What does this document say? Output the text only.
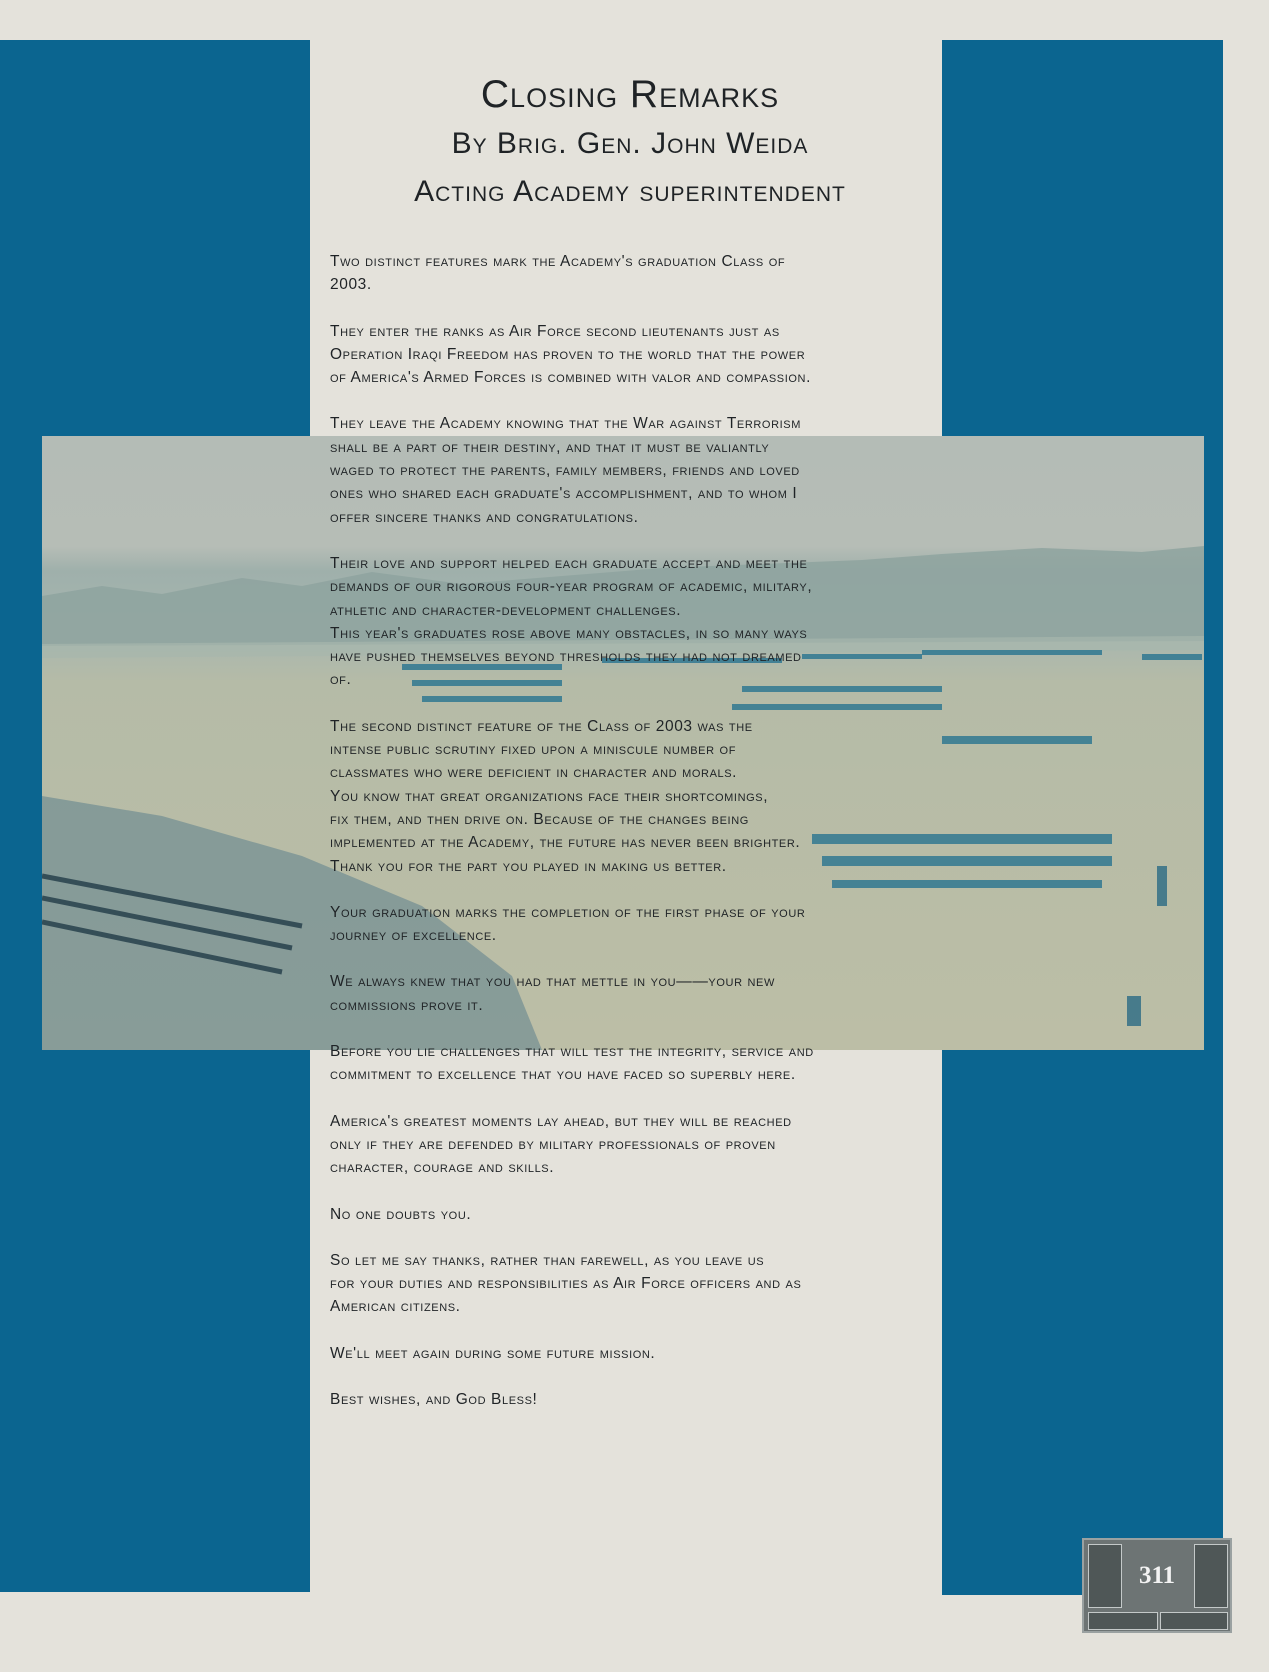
Closing Remarks
By Brig. Gen. John Weida
Acting Academy superintendent

Two distinct features mark the Academy's graduation Class of
2003.

They enter the ranks as Air Force second lieutenants just as
Operation Iraqi Freedom has proven to the world that the power
of America's Armed Forces is combined with valor and compassion.

They leave the Academy knowing that the War against Terrorism
shall be a part of their destiny, and that it must be valiantly
waged to protect the parents, family members, friends and loved
ones who shared each graduate's accomplishment, and to whom I
offer sincere thanks and congratulations.

Their love and support helped each graduate accept and meet the
demands of our rigorous four-year program of academic, military,
athletic and character-development challenges.
This year's graduates rose above many obstacles, in so many ways
have pushed themselves beyond thresholds they had not dreamed
of.

The second distinct feature of the Class of 2003 was the
intense public scrutiny fixed upon a miniscule number of
classmates who were deficient in character and morals.
You know that great organizations face their shortcomings,
fix them, and then drive on. Because of the changes being
implemented at the Academy, the future has never been brighter.
Thank you for the part you played in making us better.

Your graduation marks the completion of the first phase of your
journey of excellence.

We always knew that you had that mettle in you——your new
commissions prove it.

Before you lie challenges that will test the integrity, service and
commitment to excellence that you have faced so superbly here.

America's greatest moments lay ahead, but they will be reached
only if they are defended by military professionals of proven
character, courage and skills.

No one doubts you.

So let me say thanks, rather than farewell, as you leave us
for your duties and responsibilities as Air Force officers and as
American citizens.

We'll meet again during some future mission.

Best wishes, and God Bless!

311
